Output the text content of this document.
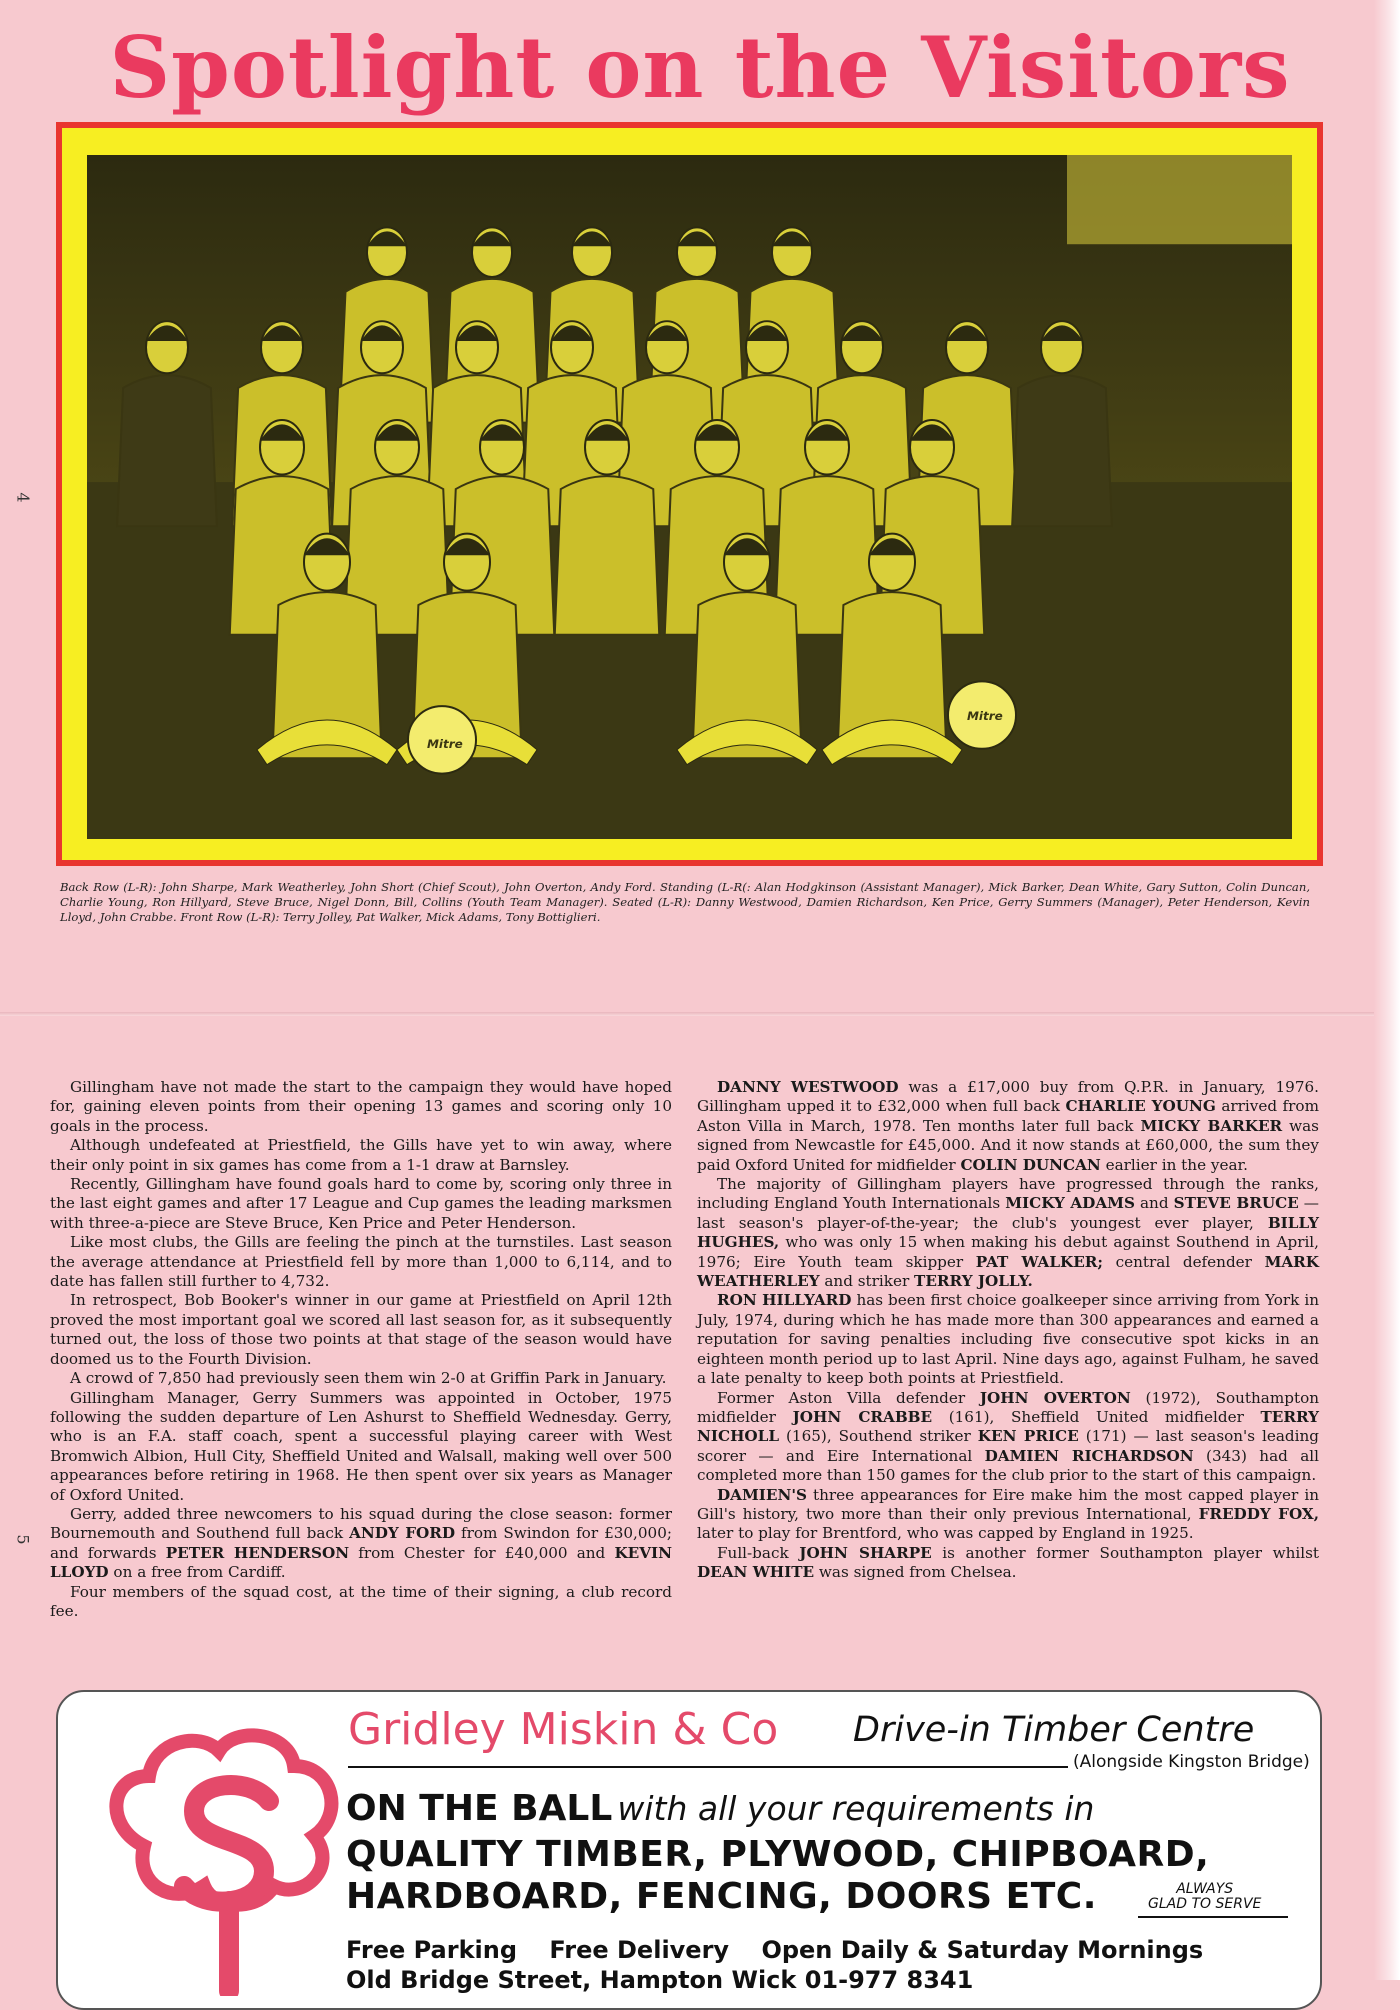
Spotlight on the Visitors
Mitre
Mitre
Back Row (L-R): John Sharpe, Mark Weatherley, John Short (Chief Scout), John Overton, Andy Ford. Standing (L-R(: Alan Hodgkinson (Assistant Manager), Mick Barker, Dean White, Gary Sutton, Colin Duncan, Charlie Young, Ron Hillyard, Steve Bruce, Nigel Donn, Bill, Collins (Youth Team Manager). Seated (L-R): Danny Westwood, Damien Richardson, Ken Price, Gerry Summers (Manager), Peter Henderson, Kevin Lloyd, John Crabbe. Front Row (L-R): Terry Jolley, Pat Walker, Mick Adams, Tony Bottiglieri.
4
5

Gillingham have not made the start to the campaign they would have hoped for, gaining eleven points from their opening 13 games and scoring only 10 goals in the process.

Although undefeated at Priestfield, the Gills have yet to win away, where their only point in six games has come from a 1-1 draw at Barnsley.

Recently, Gillingham have found goals hard to come by, scoring only three in the last eight games and after 17 League and Cup games the leading marksmen with three-a-piece are Steve Bruce, Ken Price and Peter Henderson.

Like most clubs, the Gills are feeling the pinch at the turnstiles. Last season the average attendance at Priestfield fell by more than 1,000 to 6,114, and to date has fallen still further to 4,732.

In retrospect, Bob Booker's winner in our game at Priestfield on April 12th proved the most important goal we scored all last season for, as it subsequently turned out, the loss of those two points at that stage of the season would have doomed us to the Fourth Division.

A crowd of 7,850 had previously seen them win 2-0 at Griffin Park in January.

Gillingham Manager, Gerry Summers was appointed in October, 1975 following the sudden departure of Len Ashurst to Sheffield Wednesday. Gerry, who is an F.A. staff coach, spent a successful playing career with West Bromwich Albion, Hull City, Sheffield United and Walsall, making well over 500 appearances before retiring in 1968. He then spent over six years as Manager of Oxford United.

Gerry, added three newcomers to his squad during the close season: former Bournemouth and Southend full back ANDY FORD from Swindon for £30,000; and forwards PETER HENDERSON from Chester for £40,000 and KEVIN LLOYD on a free from Cardiff.

Four members of the squad cost, at the time of their signing, a club record fee.

DANNY WESTWOOD was a £17,000 buy from Q.P.R. in January, 1976. Gillingham upped it to £32,000 when full back CHARLIE YOUNG arrived from Aston Villa in March, 1978. Ten months later full back MICKY BARKER was signed from Newcastle for £45,000. And it now stands at £60,000, the sum they paid Oxford United for midfielder COLIN DUNCAN earlier in the year.

The majority of Gillingham players have progressed through the ranks, including England Youth Internationals MICKY ADAMS and STEVE BRUCE — last season's player-of-the-year; the club's youngest ever player, BILLY HUGHES, who was only 15 when making his debut against Southend in April, 1976; Eire Youth team skipper PAT WALKER; central defender MARK WEATHERLEY and striker TERRY JOLLY.

RON HILLYARD has been first choice goalkeeper since arriving from York in July, 1974, during which he has made more than 300 appearances and earned a reputation for saving penalties including five consecutive spot kicks in an eighteen month period up to last April. Nine days ago, against Fulham, he saved a late penalty to keep both points at Priestfield.

Former Aston Villa defender JOHN OVERTON (1972), Southampton midfielder JOHN CRABBE (161), Sheffield United midfielder TERRY NICHOLL (165), Southend striker KEN PRICE (171) — last season's leading scorer — and Eire International DAMIEN RICHARDSON (343) had all completed more than 150 games for the club prior to the start of this campaign.

DAMIEN'S three appearances for Eire make him the most capped player in Gill's history, two more than their only previous International, FREDDY FOX, later to play for Brentford, who was capped by England in 1925.

Full-back JOHN SHARPE is another former Southampton player whilst DEAN WHITE was signed from Chelsea.

Gridley Miskin & Co Drive-in Timber Centre
(Alongside Kingston Bridge)
ON THE BALL with all your requirements in
QUALITY TIMBER, PLYWOOD, CHIPBOARD,
HARDBOARD, FENCING, DOORS ETC.	ALWAYS
GLAD TO SERVE
Free Parking Free Delivery Open Daily & Saturday Mornings
Old Bridge Street, Hampton Wick 01-977 8341
